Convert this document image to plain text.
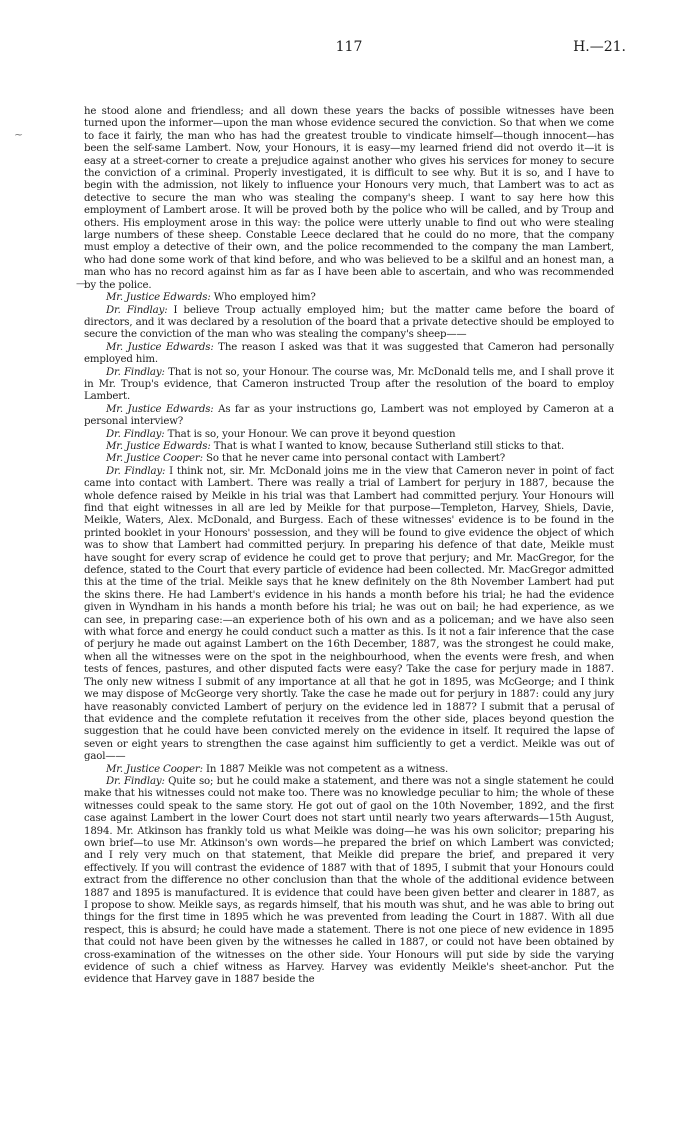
117	H.—21.
~
—

he stood alone and friendless; and all down these years the backs of possible witnesses have been turned upon the informer—upon the man whose evidence secured the conviction. So that when we come to face it fairly, the man who has had the greatest trouble to vindicate himself—though innocent—has been the self-same Lambert. Now, your Honours, it is easy—my learned friend did not overdo it—it is easy at a street-corner to create a prejudice against another who gives his services for money to secure the conviction of a criminal. Properly investigated, it is difficult to see why. But it is so, and I have to begin with the admission, not likely to influence your Honours very much, that Lambert was to act as detective to secure the man who was stealing the company's sheep. I want to say here how this employment of Lambert arose. It will be proved both by the police who will be called, and by Troup and others. His employment arose in this way: the police were utterly unable to find out who were stealing large numbers of these sheep. Constable Leece declared that he could do no more, that the company must employ a detective of their own, and the police recommended to the company the man Lambert, who had done some work of that kind before, and who was believed to be a skilful and an honest man, a man who has no record against him as far as I have been able to ascertain, and who was recommended by the police.

Mr. Justice Edwards: Who employed him?

Dr. Findlay: I believe Troup actually employed him; but the matter came before the board of directors, and it was declared by a resolution of the board that a private detective should be employed to secure the conviction of the man who was stealing the company's sheep——

Mr. Justice Edwards: The reason I asked was that it was suggested that Cameron had personally employed him.

Dr. Findlay: That is not so, your Honour. The course was, Mr. McDonald tells me, and I shall prove it in Mr. Troup's evidence, that Cameron instructed Troup after the resolution of the board to employ Lambert.

Mr. Justice Edwards: As far as your instructions go, Lambert was not employed by Cameron at a personal interview?

Dr. Findlay: That is so, your Honour. We can prove it beyond question

Mr. Justice Edwards: That is what I wanted to know, because Sutherland still sticks to that.

Mr. Justice Cooper: So that he never came into personal contact with Lambert?

Dr. Findlay: I think not, sir. Mr. McDonald joins me in the view that Cameron never in point of fact came into contact with Lambert. There was really a trial of Lambert for perjury in 1887, because the whole defence raised by Meikle in his trial was that Lambert had committed perjury. Your Honours will find that eight witnesses in all are led by Meikle for that purpose—Templeton, Harvey, Shiels, Davie, Meikle, Waters, Alex. McDonald, and Burgess. Each of these witnesses' evidence is to be found in the printed booklet in your Honours' possession, and they will be found to give evidence the object of which was to show that Lambert had committed perjury. In preparing his defence of that date, Meikle must have sought for every scrap of evidence he could get to prove that perjury; and Mr. MacGregor, for the defence, stated to the Court that every particle of evidence had been collected. Mr. MacGregor admitted this at the time of the trial. Meikle says that he knew definitely on the 8th November Lambert had put the skins there. He had Lambert's evidence in his hands a month before his trial; he had the evidence given in Wyndham in his hands a month before his trial; he was out on bail; he had experience, as we can see, in preparing case:—an experience both of his own and as a policeman; and we have also seen with what force and energy he could conduct such a matter as this. Is it not a fair inference that the case of perjury he made out against Lambert on the 16th December, 1887, was the strongest he could make, when all the witnesses were on the spot in the neighbourhood, when the events were fresh, and when tests of fences, pastures, and other disputed facts were easy? Take the case for perjury made in 1887. The only new witness I submit of any importance at all that he got in 1895, was McGeorge; and I think we may dispose of McGeorge very shortly. Take the case he made out for perjury in 1887: could any jury have reasonably convicted Lambert of perjury on the evidence led in 1887? I submit that a perusal of that evidence and the complete refutation it receives from the other side, places beyond question the suggestion that he could have been convicted merely on the evidence in itself. It required the lapse of seven or eight years to strengthen the case against him sufficiently to get a verdict. Meikle was out of gaol——

Mr. Justice Cooper: In 1887 Meikle was not competent as a witness.

Dr. Findlay: Quite so; but he could make a statement, and there was not a single statement he could make that his witnesses could not make too. There was no knowledge peculiar to him; the whole of these witnesses could speak to the same story. He got out of gaol on the 10th November, 1892, and the first case against Lambert in the lower Court does not start until nearly two years afterwards—15th August, 1894. Mr. Atkinson has frankly told us what Meikle was doing—he was his own solicitor; preparing his own brief—to use Mr. Atkinson's own words—he prepared the brief on which Lambert was convicted; and I rely very much on that statement, that Meikle did prepare the brief, and prepared it very effectively. If you will contrast the evidence of 1887 with that of 1895, I submit that your Honours could extract from the difference no other conclusion than that the whole of the additional evidence between 1887 and 1895 is manufactured. It is evidence that could have been given better and clearer in 1887, as I propose to show. Meikle says, as regards himself, that his mouth was shut, and he was able to bring out things for the first time in 1895 which he was prevented from leading the Court in 1887. With all due respect, this is absurd; he could have made a statement. There is not one piece of new evidence in 1895 that could not have been given by the witnesses he called in 1887, or could not have been obtained by cross-examination of the witnesses on the other side. Your Honours will put side by side the varying evidence of such a chief witness as Harvey. Harvey was evidently Meikle's sheet-anchor. Put the evidence that Harvey gave in 1887 beside the
